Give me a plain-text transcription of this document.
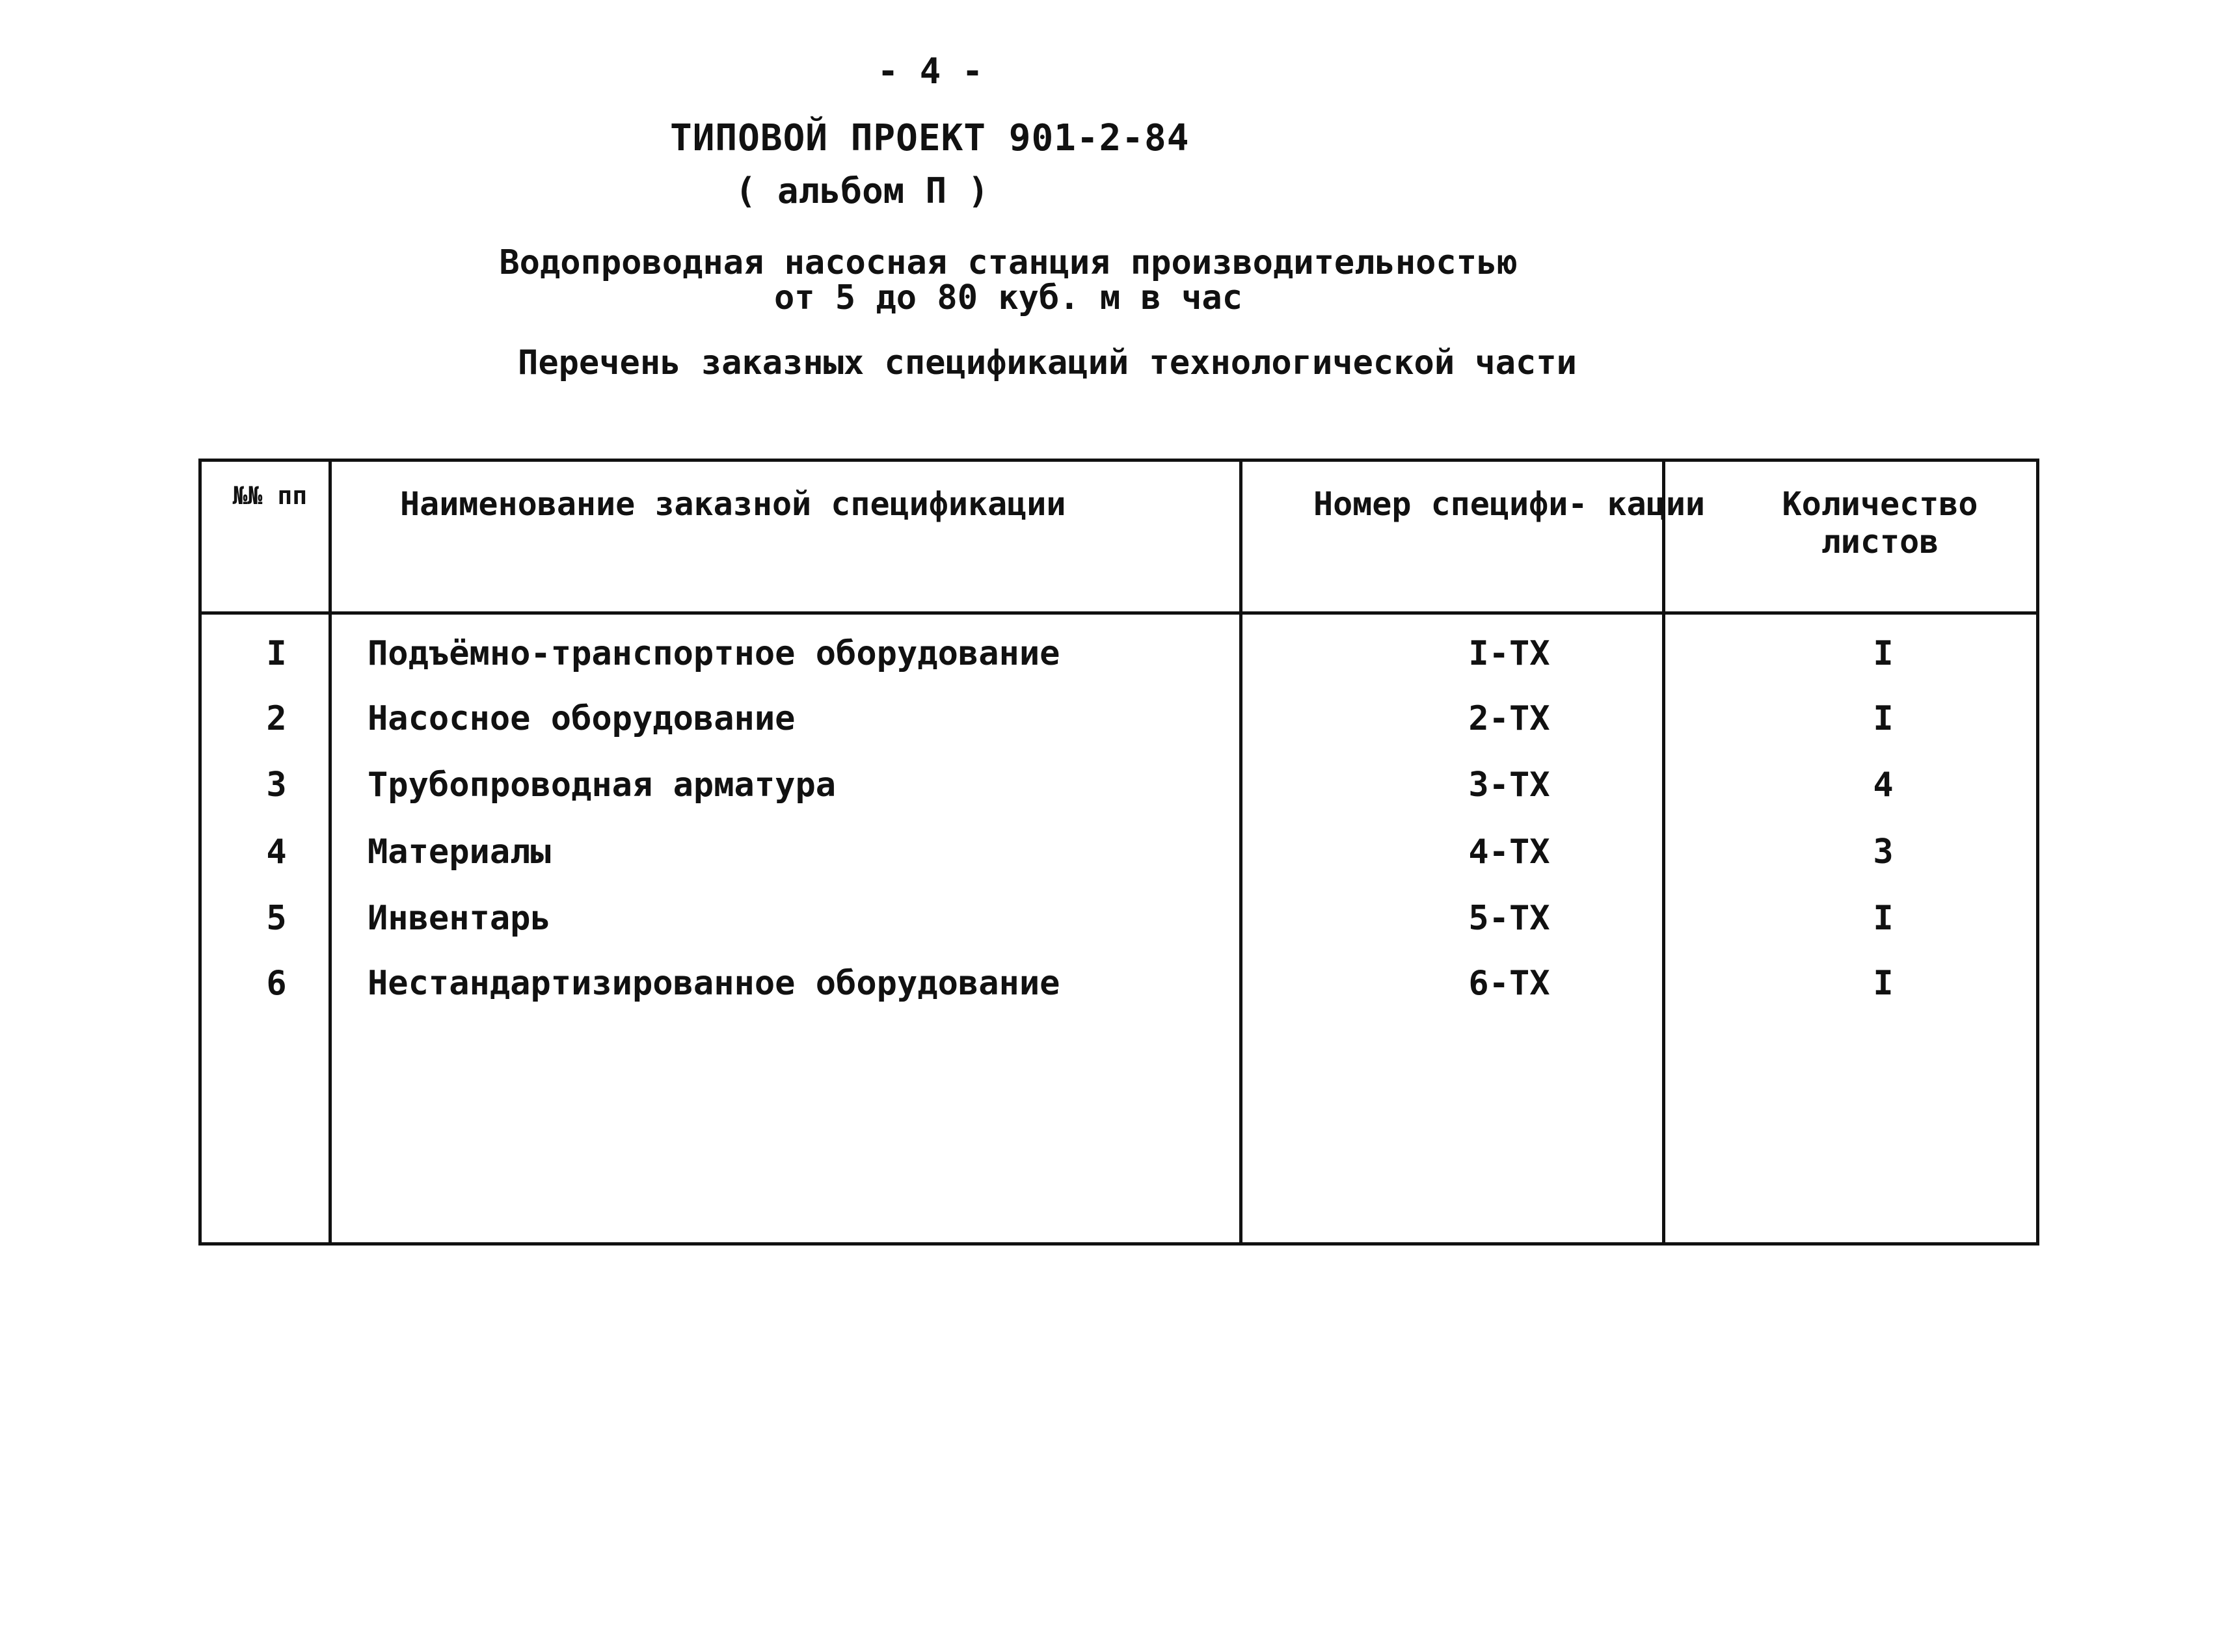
- 4 -
ТИПОВОЙ ПРОЕКТ 901-2-84
( альбом П )
Водопроводная насосная станция производительностью
от 5 до 80 куб. м в час
Перечень заказных спецификаций технологической части
№№ пп	Наименование заказной спецификации	Номер специфи- кации	Количество листов
I	Подъёмно-транспортное оборудование	I-ТХ	I
2	Насосное оборудование	2-ТХ	I
3	Трубопроводная арматура	3-ТХ	4
4	Материалы	4-ТХ	3
5	Инвентарь	5-ТХ	I
6	Нестандартизированное оборудование	6-ТХ	I
